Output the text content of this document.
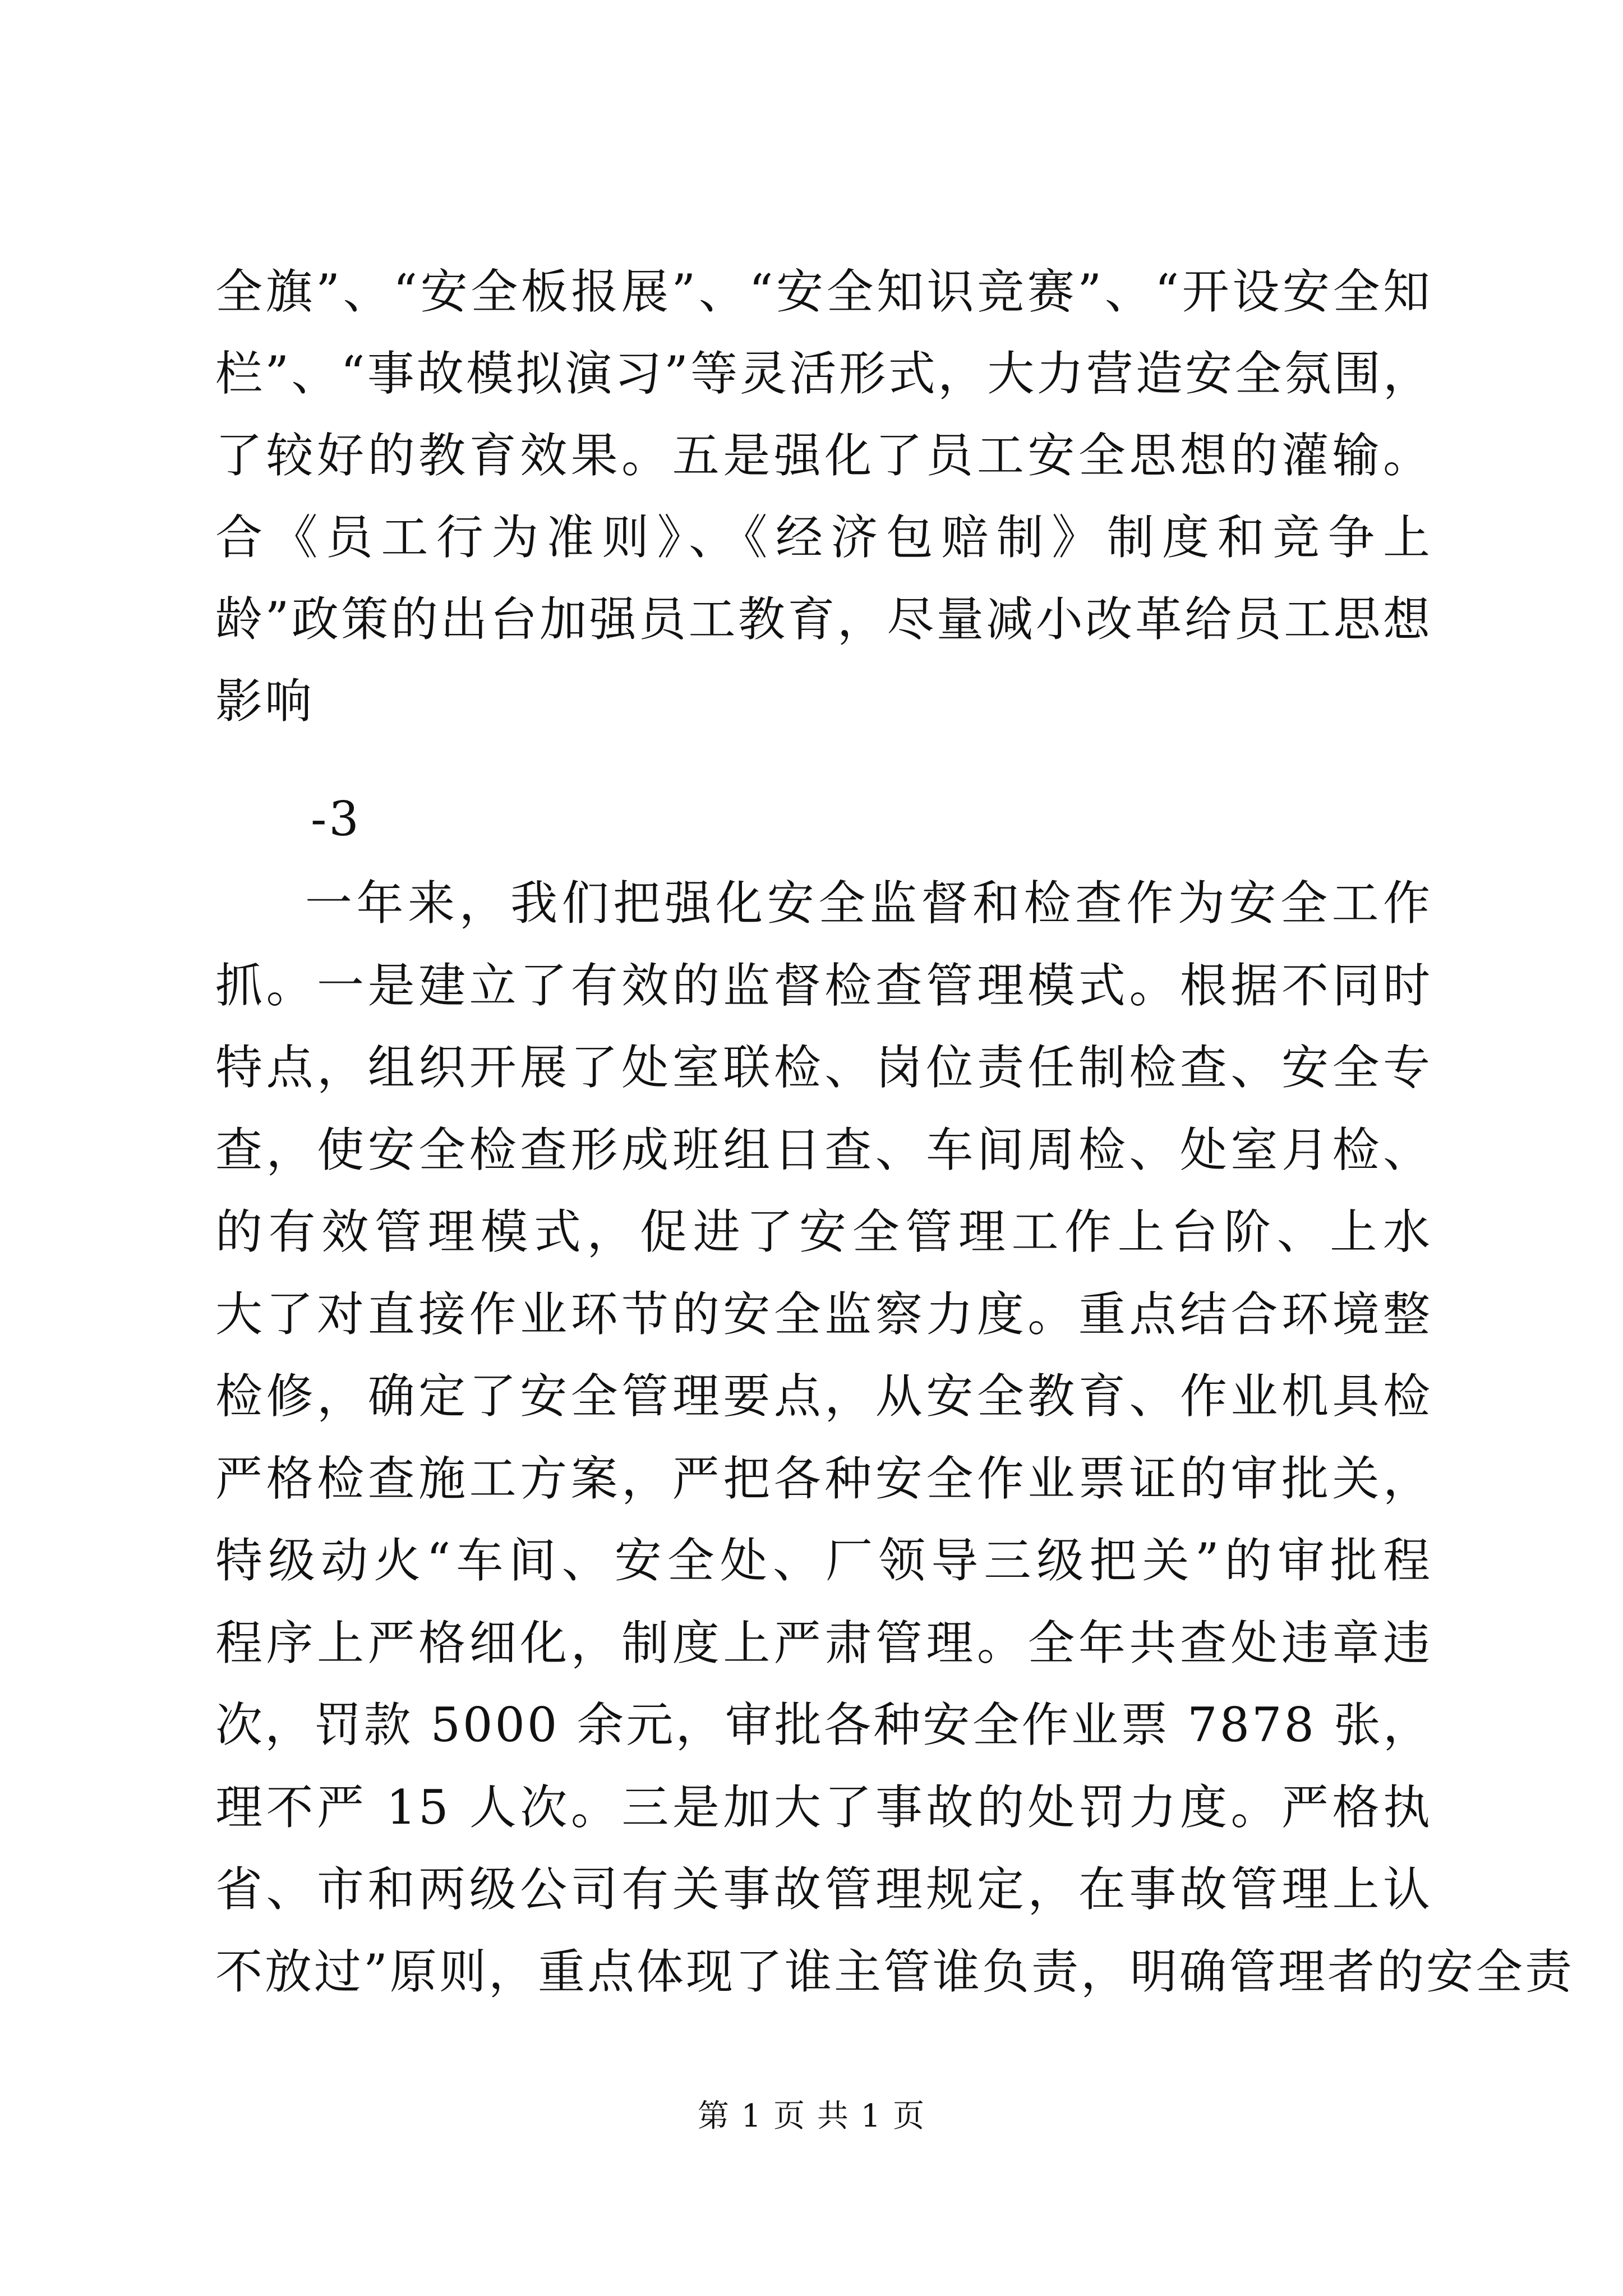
全旗”、“安全板报展”、“安全知识竞赛”、“开设安全知
栏”、“事故模拟演习”等灵活形式，大力营造安全氛围，
了较好的教育效果。五是强化了员工安全思想的灌输。
合《员工行为准则》、《经济包赔制》制度和竞争上
龄”政策的出台加强员工教育，尽量减小改革给员工思想
影响
-3
一年来，我们把强化安全监督和检查作为安全工作
抓。一是建立了有效的监督检查管理模式。根据不同时
特点，组织开展了处室联检、岗位责任制检查、安全专
查，使安全检查形成班组日查、车间周检、处室月检、
的有效管理模式，促进了安全管理工作上台阶、上水
大了对直接作业环节的安全监察力度。重点结合环境整
检修，确定了安全管理要点，从安全教育、作业机具检
严格检查施工方案，严把各种安全作业票证的审批关，
特级动火“车间、安全处、厂领导三级把关”的审批程
程序上严格细化，制度上严肃管理。全年共查处违章违
次，罚款 5000 余元，审批各种安全作业票 7878 张，
理不严 15 人次。三是加大了事故的处罚力度。严格执
省、市和两级公司有关事故管理规定，在事故管理上认
不放过”原则，重点体现了谁主管谁负责，明确管理者的安全责
第 1 页 共 1 页
